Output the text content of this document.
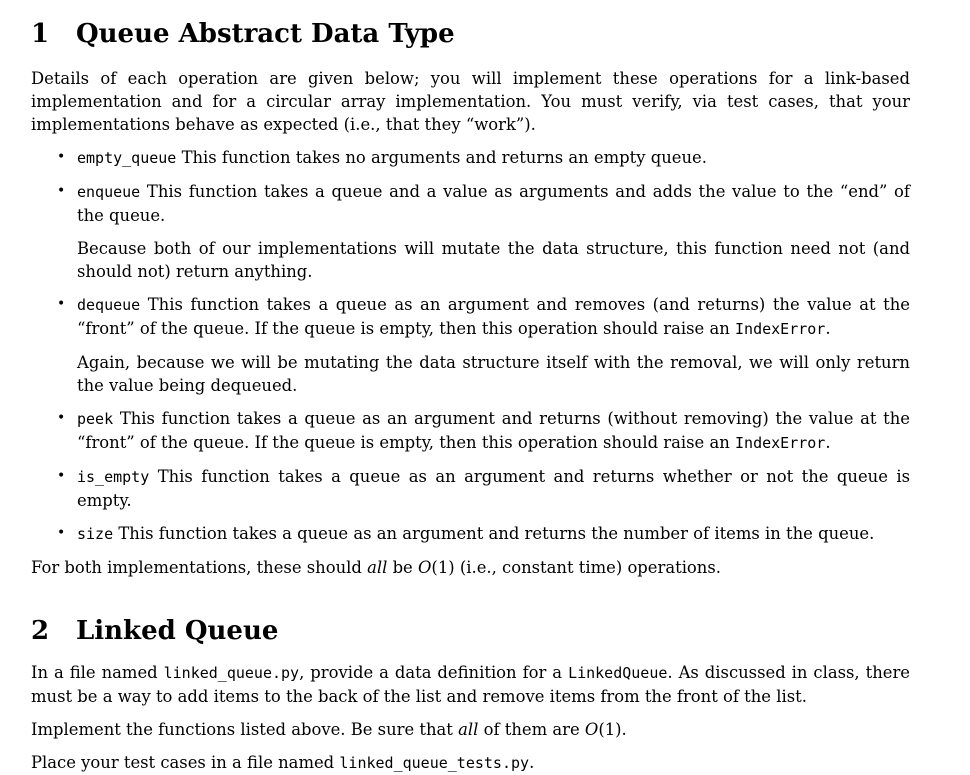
1	Queue Abstract Data Type

Details of each operation are given below; you will implement these operations for a link-based implementation and for a circular array implementation. You must verify, via test cases, that your implementations behave as expected (i.e., that they “work”).

• empty_queue This function takes no arguments and returns an empty queue.

• enqueue This function takes a queue and a value as arguments and adds the value to the “end” of the queue.

Because both of our implementations will mutate the data structure, this function need not (and should not) return anything.

• dequeue This function takes a queue as an argument and removes (and returns) the value at the “front” of the queue. If the queue is empty, then this operation should raise an IndexError.

Again, because we will be mutating the data structure itself with the removal, we will only return the value being dequeued.

• peek This function takes a queue as an argument and returns (without removing) the value at the “front” of the queue. If the queue is empty, then this operation should raise an IndexError.

• is_empty This function takes a queue as an argument and returns whether or not the queue is empty.

• size This function takes a queue as an argument and returns the number of items in the queue.

For both implementations, these should all be O(1) (i.e., constant time) operations.

2	Linked Queue

In a file named linked_queue.py, provide a data definition for a LinkedQueue. As discussed in class, there must be a way to add items to the back of the list and remove items from the front of the list.

Implement the functions listed above. Be sure that all of them are O(1).

Place your test cases in a file named linked_queue_tests.py.
